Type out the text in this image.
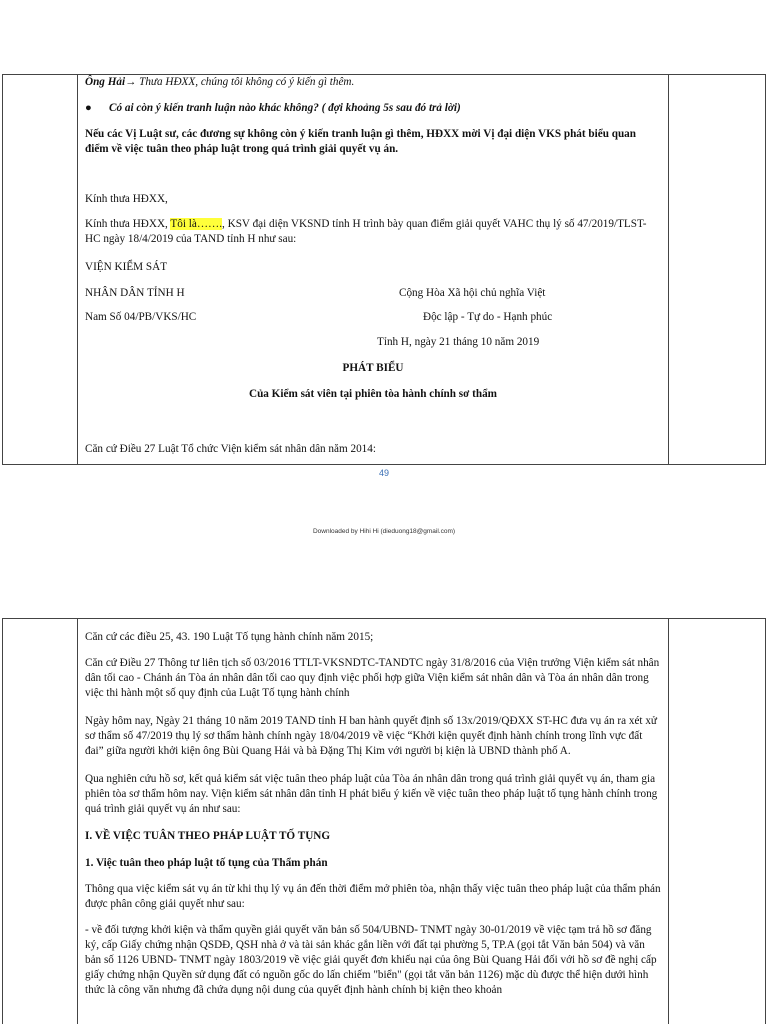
Ông Hải→ Thưa HĐXX, chúng tôi không có ý kiến gì thêm.
● Có ai còn ý kiến tranh luận nào khác không? ( đợi khoảng 5s sau đó trả lời)
Nếu các Vị Luật sư, các đương sự không còn ý kiến tranh luận gì thêm, HĐXX mời Vị đại diện VKS phát biểu quan điểm về việc tuân theo pháp luật trong quá trình giải quyết vụ án.
Kính thưa HĐXX,
Kính thưa HĐXX, Tôi là……., KSV đại diện VKSND tỉnh H trình bày quan điểm giải quyết VAHC thụ lý số 47/2019/TLST-HC ngày 18/4/2019 của TAND tỉnh H như sau:
VIỆN KIỂM SÁT
NHÂN DÂN TỈNH H	Cộng Hòa Xã hội chủ nghĩa Việt
Nam Số 04/PB/VKS/HC	Độc lập - Tự do - Hạnh phúc
Tỉnh H, ngày 21 tháng 10 năm 2019
PHÁT BIỂU
Của Kiểm sát viên tại phiên tòa hành chính sơ thẩm
Căn cứ Điều 27 Luật Tổ chức Viện kiểm sát nhân dân năm 2014:
49
Downloaded by Hihi Hi (dieduong18@gmail.com)
Căn cứ các điều 25, 43. 190 Luật Tố tụng hành chính năm 2015;
Căn cứ Điều 27 Thông tư liên tịch số 03/2016 TTLT-VKSNDTC-TANDTC ngày 31/8/2016 của Viện trưởng Viện kiểm sát nhân dân tối cao - Chánh án Tòa án nhân dân tối cao quy định việc phối hợp giữa Viện kiểm sát nhân dân và Tòa án nhân dân trong việc thi hành một số quy định của Luật Tố tụng hành chính
Ngày hôm nay, Ngày 21 tháng 10 năm 2019 TAND tỉnh H ban hành quyết định số 13x/2019/QĐXX ST-HC đưa vụ án ra xét xử sơ thẩm số 47/2019 thụ lý sơ thẩm hành chính ngày 18/04/2019 về việc “Khởi kiện quyết định hành chính trong lĩnh vực đất đai” giữa người khởi kiện ông Bùi Quang Hải và bà Đặng Thị Kim với người bị kiện là UBND thành phố A.
Qua nghiên cứu hồ sơ, kết quả kiểm sát việc tuân theo pháp luật của Tòa án nhân dân trong quá trình giải quyết vụ án, tham gia phiên tòa sơ thẩm hôm nay. Viện kiểm sát nhân dân tỉnh H phát biểu ý kiến về việc tuân theo pháp luật tố tụng hành chính trong quá trình giải quyết vụ án như sau:
I. VỀ VIỆC TUÂN THEO PHÁP LUẬT TỐ TỤNG
1. Việc tuân theo pháp luật tố tụng của Thẩm phán
Thông qua việc kiểm sát vụ án từ khi thụ lý vụ án đến thời điểm mở phiên tòa, nhận thấy việc tuân theo pháp luật của thẩm phán được phân công giải quyết như sau:
- về đối tượng khởi kiện và thẩm quyền giải quyết văn bản số 504/UBND- TNMT ngày 30-01/2019 về việc tạm trả hồ sơ đăng ký, cấp Giấy chứng nhận QSDĐ, QSH nhà ở và tài sản khác gắn liền với đất tại phường 5, TP.A (gọi tắt Văn bản 504) và văn bản số 1126 UBND- TNMT ngày 1803/2019 về việc giải quyết đơn khiếu nại của ông Bùi Quang Hải đối với hồ sơ đề nghị cấp giấy chứng nhận Quyền sử dụng đất có nguồn gốc do lấn chiếm "biển" (gọi tắt văn bản 1126) mặc dù được thể hiện dưới hình thức là công văn nhưng đã chứa dụng nội dung của quyết định hành chính bị kiện theo khoản
